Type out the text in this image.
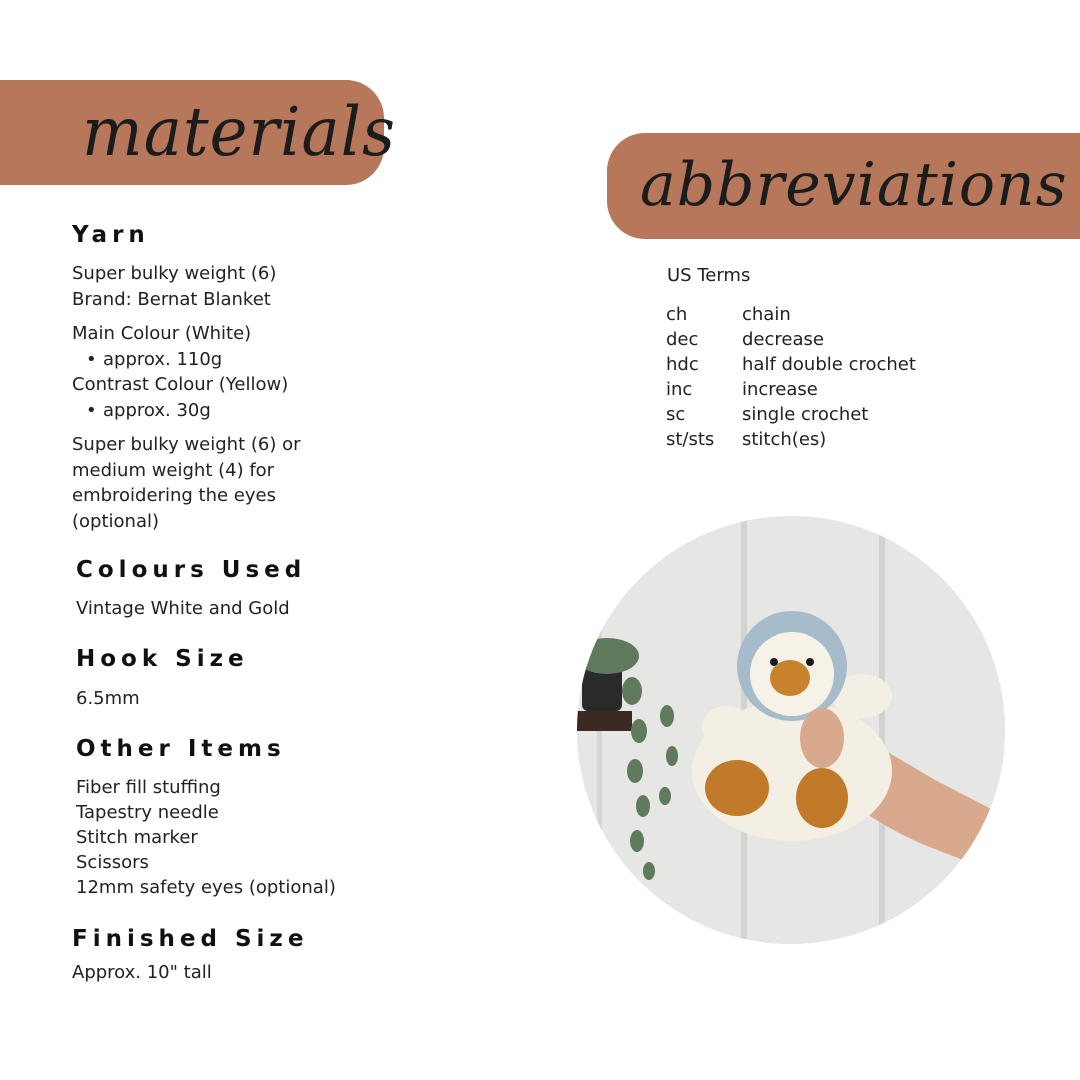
materials
abbreviations
Yarn
Super bulky weight (6)
Brand: Bernat Blanket
Main Colour (White)
• approx. 110g
Contrast Colour (Yellow)
• approx. 30g
Super bulky weight (6) or
medium weight (4) for
embroidering the eyes
(optional)
Colours Used
Vintage White and Gold
Hook Size
6.5mm
Other Items
Fiber fill stuffing
Tapestry needle
Stitch marker
Scissors
12mm safety eyes (optional)
Finished Size
Approx. 10" tall
US Terms
ch	chain
dec	decrease
hdc	half double crochet
inc	increase
sc	single crochet
st/sts	stitch(es)
